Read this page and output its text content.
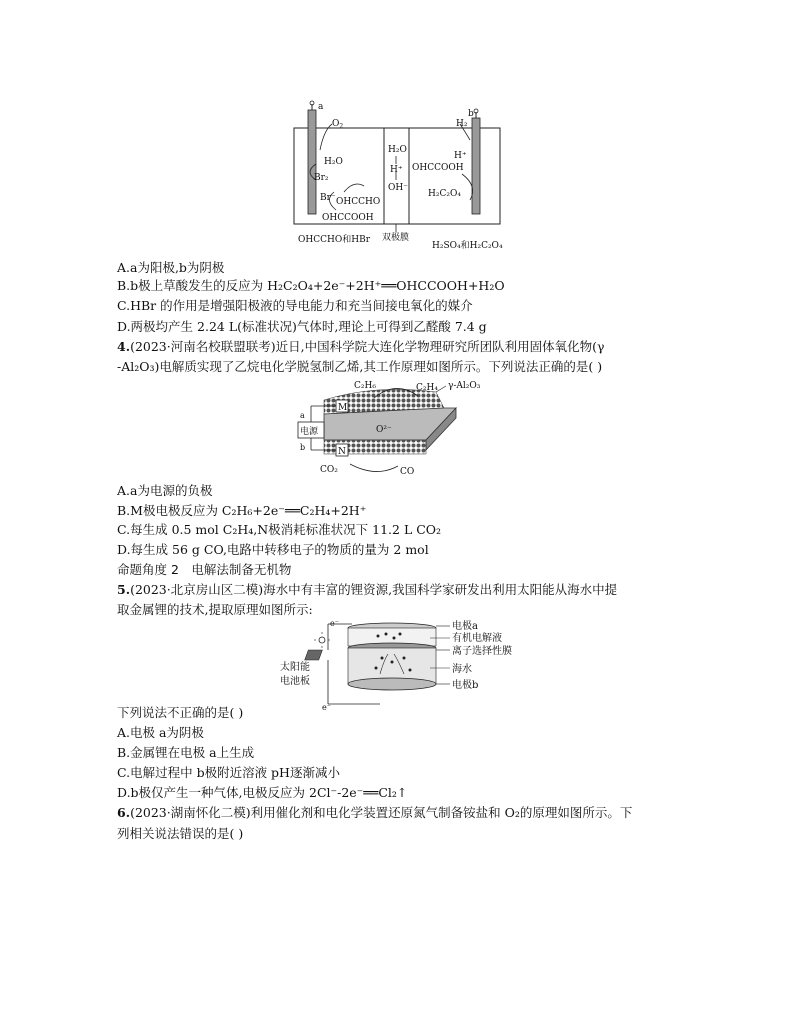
a
b
$O_2$
H₂O
Br₂
Br⁻ OHCCHO
OHCCOOH
H₂O
H⁺
OH⁻
H₂
H⁺
OHCCOOH
H₂C₂O₄
OHCCHO和HBr 双极膜
H₂SO₄和H₂C₂O₄
A.a为阳极,b为阴极
B.b极上草酸发生的反应为 H₂C₂O₄+2e⁻+2H⁺══OHCCOOH+H₂O
C.HBr 的作用是增强阳极液的导电能力和充当间接电氧化的媒介
D.两极均产生 2.24 L(标准状况)气体时,理论上可得到乙醛酸 7.4 g
4.(2023·河南名校联盟联考)近日,中国科学院大连化学物理研究所团队利用固体氧化物(γ
-Al₂O₃)电解质实现了乙烷电化学脱氢制乙烯,其工作原理如图所示。下列说法正确的是( )
C₂H₆	C₂H₄ γ-Al₂O₃
M
N
电源	O²⁻
a
b
CO₂	CO
A.a为电源的负极
B.M极电极反应为 C₂H₆+2e⁻══C₂H₄+2H⁺
C.每生成 0.5 mol C₂H₄,N极消耗标准状况下 11.2 L CO₂
D.每生成 56 g CO,电路中转移电子的物质的量为 2 mol
命题角度 2　电解法制备无机物
5.(2023·北京房山区二模)海水中有丰富的锂资源,我国科学家研发出利用太阳能从海水中提
取金属锂的技术,提取原理如图所示:
e⁻
e⁻
电极a
有机电解液
离子选择性膜
海水
电极b
太阳能
电池板
下列说法不正确的是( )
A.电极 a为阴极
B.金属锂在电极 a上生成
C.电解过程中 b极附近溶液 pH逐渐减小
D.b极仅产生一种气体,电极反应为 2Cl⁻-2e⁻══Cl₂↑
6.(2023·湖南怀化二模)利用催化剂和电化学装置还原氮气制备铵盐和 O₂的原理如图所示。下
列相关说法错误的是( )
